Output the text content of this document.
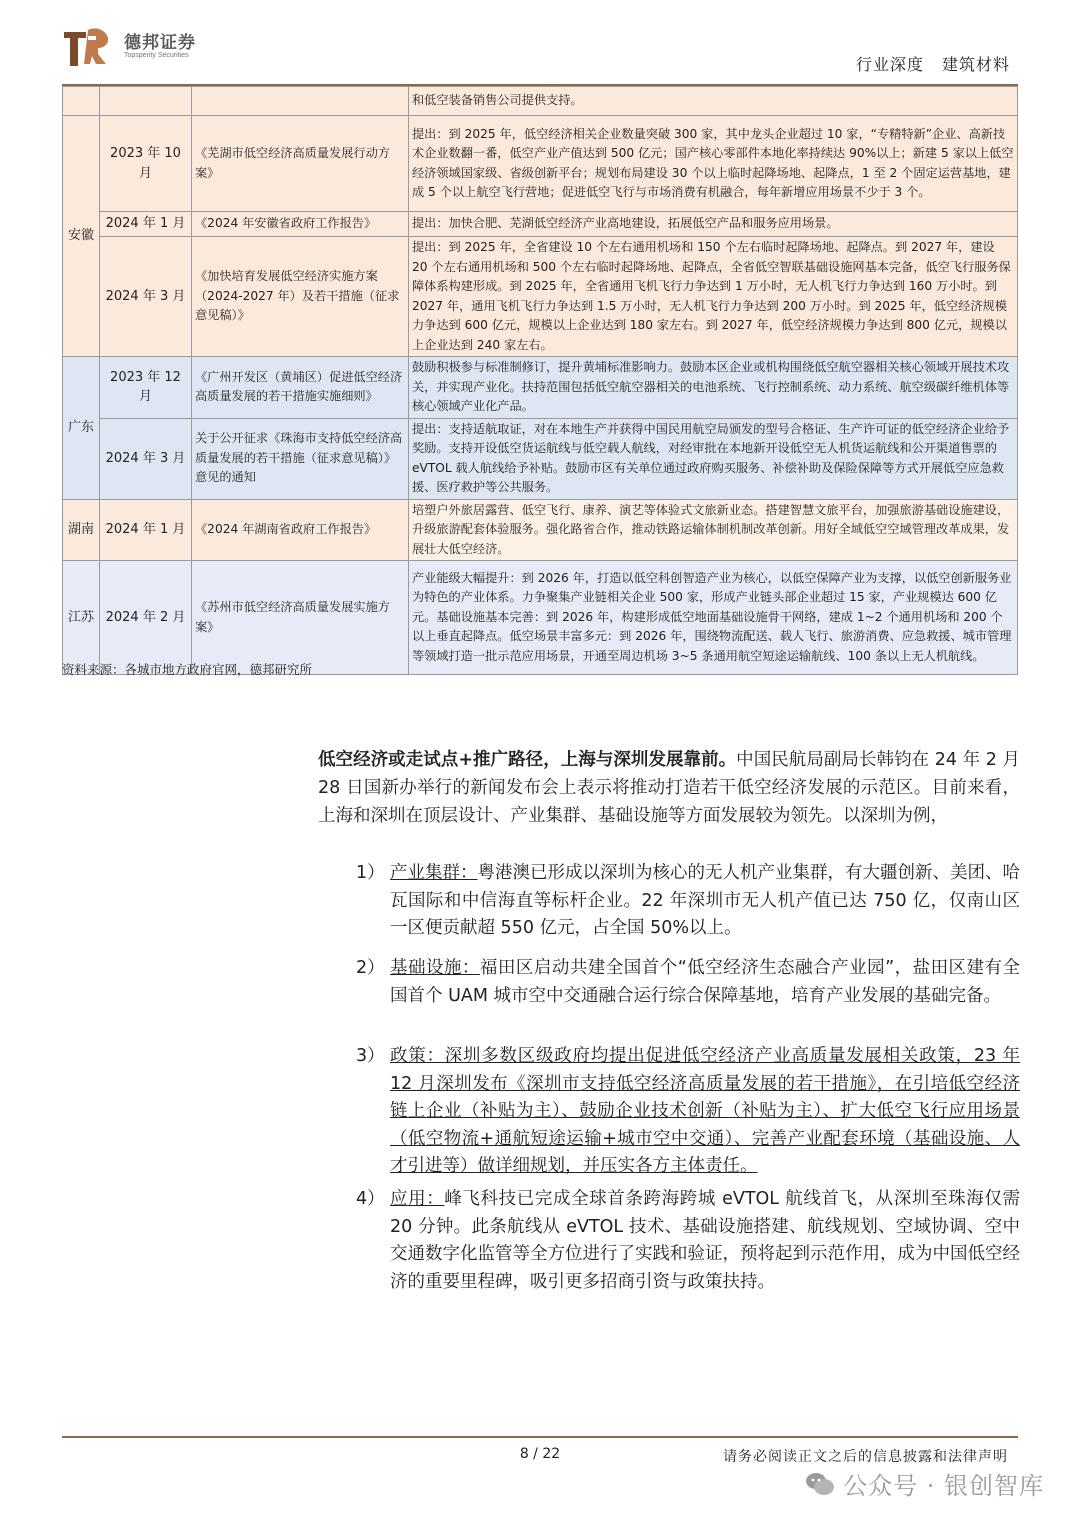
德邦证券
Topsperity Securities	行业深度 建筑材料
			和低空装备销售公司提供支持。
安徽	2023 年 10 月	《芜湖市低空经济高质量发展行动方案》	提出：到 2025 年，低空经济相关企业数量突破 300 家，其中龙头企业超过 10 家，“专精特新”企业、高新技术企业数翻一番，低空产业产值达到 500 亿元；国产核心零部件本地化率持续达 90%以上；新建 5 家以上低空经济领域国家级、省级创新平台；规划布局建设 30 个以上临时起降场地、起降点，1 至 2 个固定运营基地，建成 5 个以上航空飞行营地；促进低空飞行与市场消费有机融合，每年新增应用场景不少于 3 个。
	2024 年 1 月	《2024 年安徽省政府工作报告》	提出：加快合肥、芜湖低空经济产业高地建设，拓展低空产品和服务应用场景。
	2024 年 3 月	《加快培育发展低空经济实施方案（2024-2027 年）及若干措施（征求意见稿）》	提出：到 2025 年，全省建设 10 个左右通用机场和 150 个左右临时起降场地、起降点。到 2027 年，建设 20 个左右通用机场和 500 个左右临时起降场地、起降点，全省低空智联基础设施网基本完备，低空飞行服务保障体系构建形成。到 2025 年，全省通用飞机飞行力争达到 1 万小时，无人机飞行力争达到 160 万小时。到 2027 年，通用飞机飞行力争达到 1.5 万小时，无人机飞行力争达到 200 万小时。到 2025 年，低空经济规模力争达到 600 亿元，规模以上企业达到 180 家左右。到 2027 年，低空经济规模力争达到 800 亿元，规模以上企业达到 240 家左右。
广东	2023 年 12 月	《广州开发区（黄埔区）促进低空经济高质量发展的若干措施实施细则》	鼓励积极参与标准制修订，提升黄埔标准影响力。鼓励本区企业或机构围绕低空航空器相关核心领域开展技术攻关，并实现产业化。扶持范围包括低空航空器相关的电池系统、飞行控制系统、动力系统、航空级碳纤维机体等核心领域产业化产品。
	2024 年 3 月	关于公开征求《珠海市支持低空经济高质量发展的若干措施（征求意见稿）》意见的通知	提出：支持适航取证，对在本地生产并获得中国民用航空局颁发的型号合格证、生产许可证的低空经济企业给予奖励。支持开设低空货运航线与低空载人航线，对经审批在本地新开设低空无人机货运航线和公开渠道售票的 eVTOL 载人航线给予补贴。鼓励市区有关单位通过政府购买服务、补偿补助及保险保障等方式开展低空应急救援、医疗救护等公共服务。
湖南	2024 年 1 月	《2024 年湖南省政府工作报告》	培塑户外旅居露营、低空飞行、康养、演艺等体验式文旅新业态。搭建智慧文旅平台，加强旅游基础设施建设，升级旅游配套体验服务。强化路省合作，推动铁路运输体制机制改革创新。用好全域低空空域管理改革成果，发展壮大低空经济。
江苏	2024 年 2 月	《苏州市低空经济高质量发展实施方案》	产业能级大幅提升：到 2026 年，打造以低空科创智造产业为核心，以低空保障产业为支撑，以低空创新服务业为特色的产业体系。力争聚集产业链相关企业 500 家，形成产业链头部企业超过 15 家，产业规模达 600 亿元。基础设施基本完善：到 2026 年，构建形成低空地面基础设施骨干网络，建成 1~2 个通用机场和 200 个以上垂直起降点。低空场景丰富多元：到 2026 年，围绕物流配送、载人飞行、旅游消费、应急救援、城市管理等领域打造一批示范应用场景，开通至周边机场 3~5 条通用航空短途运输航线、100 条以上无人机航线。
资料来源：各城市地方政府官网，德邦研究所
低空经济或走试点+推广路径，上海与深圳发展靠前。中国民航局副局长韩钧在 24 年 2 月 28 日国新办举行的新闻发布会上表示将推动打造若干低空经济发展的示范区。目前来看，上海和深圳在顶层设计、产业集群、基础设施等方面发展较为领先。以深圳为例，
1） 产业集群：粤港澳已形成以深圳为核心的无人机产业集群，有大疆创新、美团、哈瓦国际和中信海直等标杆企业。22 年深圳市无人机产值已达 750 亿，仅南山区一区便贡献超 550 亿元，占全国 50%以上。
2） 基础设施：福田区启动共建全国首个“低空经济生态融合产业园”，盐田区建有全国首个 UAM 城市空中交通融合运行综合保障基地，培育产业发展的基础完备。
3） 政策：深圳多数区级政府均提出促进低空经济产业高质量发展相关政策，23 年 12 月深圳发布《深圳市支持低空经济高质量发展的若干措施》，在引培低空经济链上企业（补贴为主）、鼓励企业技术创新（补贴为主）、扩大低空飞行应用场景（低空物流+通航短途运输+城市空中交通）、完善产业配套环境（基础设施、人才引进等）做详细规划，并压实各方主体责任。
4） 应用：峰飞科技已完成全球首条跨海跨城 eVTOL 航线首飞，从深圳至珠海仅需 20 分钟。此条航线从 eVTOL 技术、基础设施搭建、航线规划、空域协调、空中交通数字化监管等全方位进行了实践和验证，预将起到示范作用，成为中国低空经济的重要里程碑，吸引更多招商引资与政策扶持。
8 / 22	请务必阅读正文之后的信息披露和法律声明
公众号 · 银创智库
